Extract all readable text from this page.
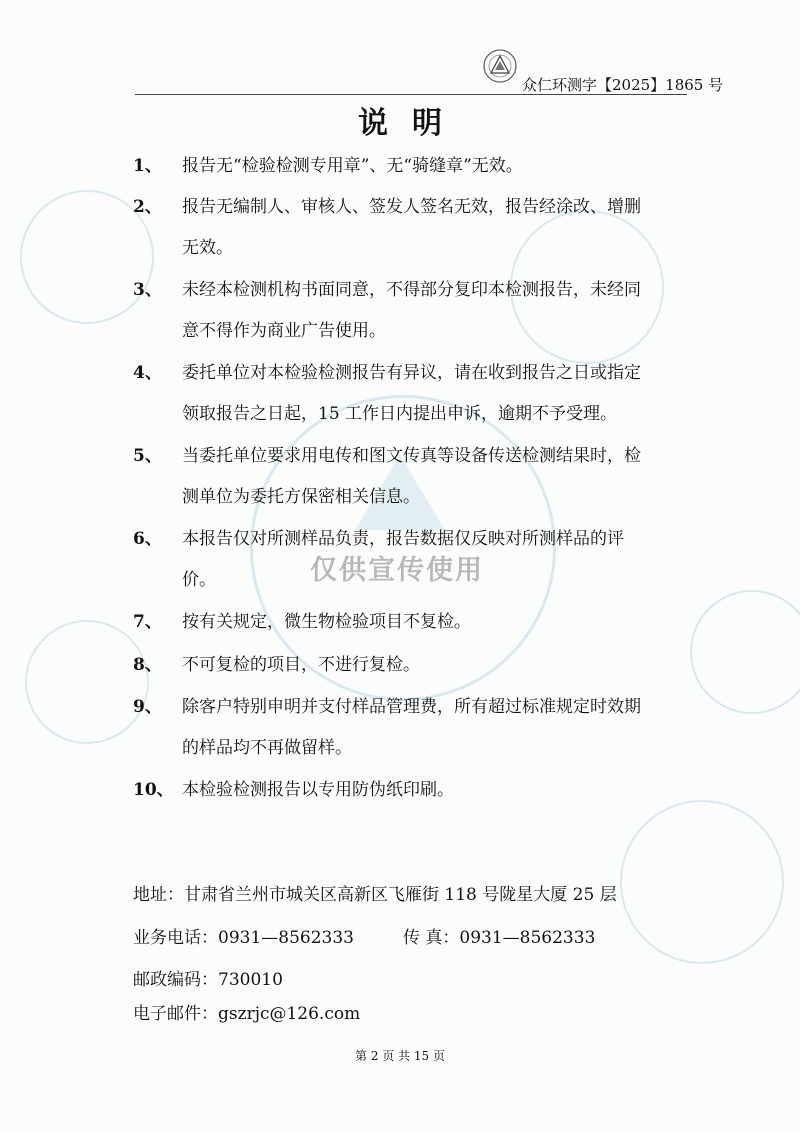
众仁环测字【2025】1865 号
说明
1、	报告无“检验检测专用章”、无“骑缝章”无效。
2、	报告无编制人、审核人、签发人签名无效，报告经涂改、增删
无效。
3、	未经本检测机构书面同意，不得部分复印本检测报告，未经同
意不得作为商业广告使用。
4、	委托单位对本检验检测报告有异议，请在收到报告之日或指定
领取报告之日起，15 工作日内提出申诉，逾期不予受理。
5、	当委托单位要求用电传和图文传真等设备传送检测结果时，检
测单位为委托方保密相关信息。
6、	本报告仅对所测样品负责，报告数据仅反映对所测样品的评
价。
7、	按有关规定，微生物检验项目不复检。
8、	不可复检的项目，不进行复检。
9、	除客户特别申明并支付样品管理费，所有超过标准规定时效期
的样品均不再做留样。
10、 本检验检测报告以专用防伪纸印刷。
仅供宣传使用
地址：甘肃省兰州市城关区高新区飞雁街 118 号陇星大厦 25 层
业务电话：0931—8562333	传 真：0931—8562333
邮政编码：730010
电子邮件：gszrjc@126.com
第 2 页 共 15 页
